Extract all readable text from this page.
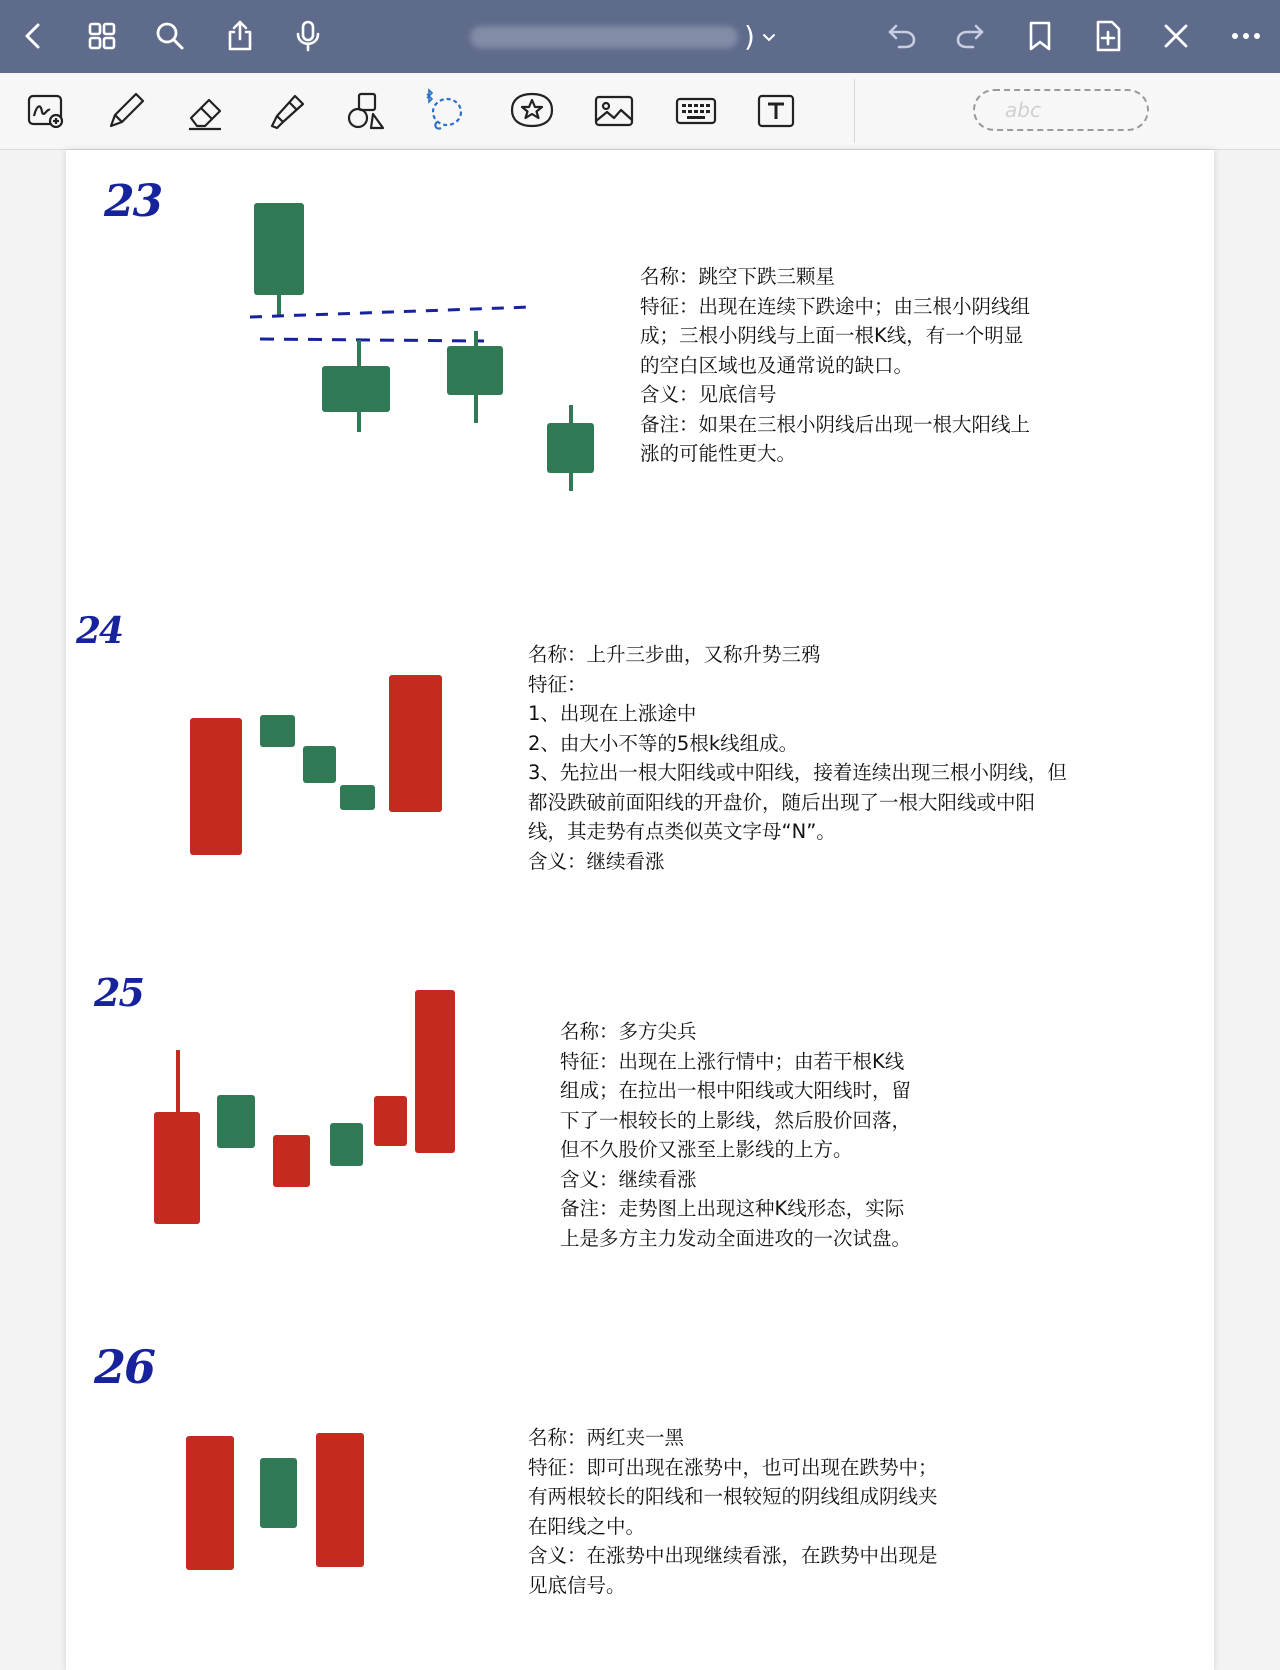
)
abc
23
名称：跳空下跌三颗星
特征：出现在连续下跌途中；由三根小阴线组
成；三根小阴线与上面一根K线，有一个明显
的空白区域也及通常说的缺口。
含义：见底信号
备注：如果在三根小阴线后出现一根大阳线上
涨的可能性更大。
24
名称：上升三步曲，又称升势三鸦
特征：
1、出现在上涨途中
2、由大小不等的5根k线组成。
3、先拉出一根大阳线或中阳线，接着连续出现三根小阴线，但
都没跌破前面阳线的开盘价，随后出现了一根大阳线或中阳
线，其走势有点类似英文字母“N”。
含义：继续看涨
25
名称：多方尖兵
特征：出现在上涨行情中；由若干根K线
组成；在拉出一根中阳线或大阳线时，留
下了一根较长的上影线，然后股价回落，
但不久股价又涨至上影线的上方。
含义：继续看涨
备注：走势图上出现这种K线形态，实际
上是多方主力发动全面进攻的一次试盘。
26
名称：两红夹一黑
特征：即可出现在涨势中，也可出现在跌势中；
有两根较长的阳线和一根较短的阴线组成阴线夹
在阳线之中。
含义：在涨势中出现继续看涨，在跌势中出现是
见底信号。
